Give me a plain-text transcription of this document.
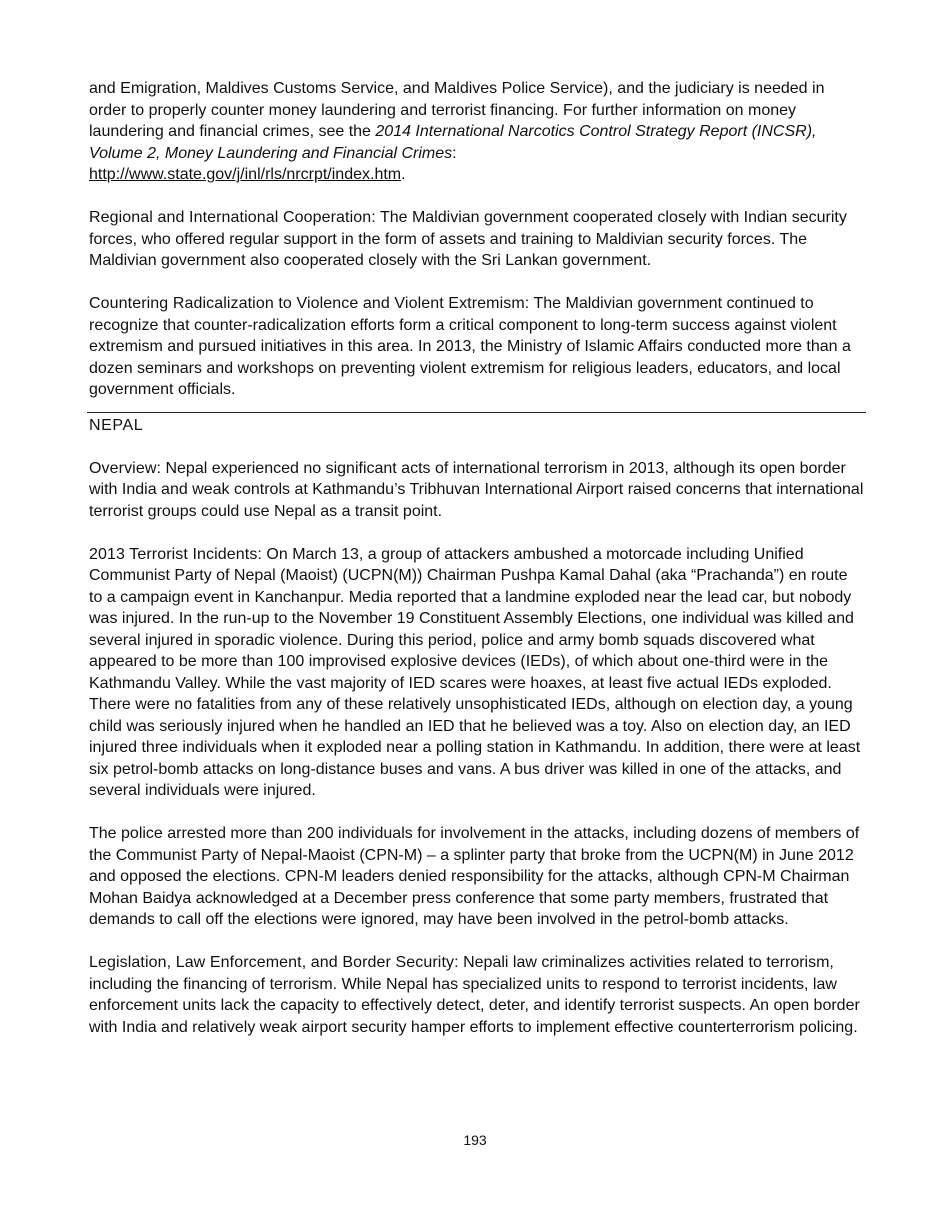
and Emigration, Maldives Customs Service, and Maldives Police Service), and the judiciary is needed in order to properly counter money laundering and terrorist financing. For further information on money laundering and financial crimes, see the 2014 International Narcotics Control Strategy Report (INCSR), Volume 2, Money Laundering and Financial Crimes:
http://www.state.gov/j/inl/rls/nrcrpt/index.htm.

Regional and International Cooperation: The Maldivian government cooperated closely with Indian security forces, who offered regular support in the form of assets and training to Maldivian security forces. The Maldivian government also cooperated closely with the Sri Lankan government.

Countering Radicalization to Violence and Violent Extremism: The Maldivian government continued to recognize that counter-radicalization efforts form a critical component to long-term success against violent extremism and pursued initiatives in this area. In 2013, the Ministry of Islamic Affairs conducted more than a dozen seminars and workshops on preventing violent extremism for religious leaders, educators, and local government officials.

NEPAL

Overview: Nepal experienced no significant acts of international terrorism in 2013, although its open border with India and weak controls at Kathmandu’s Tribhuvan International Airport raised concerns that international terrorist groups could use Nepal as a transit point.

2013 Terrorist Incidents: On March 13, a group of attackers ambushed a motorcade including Unified Communist Party of Nepal (Maoist) (UCPN(M)) Chairman Pushpa Kamal Dahal (aka “Prachanda”) en route to a campaign event in Kanchanpur. Media reported that a landmine exploded near the lead car, but nobody was injured. In the run-up to the November 19 Constituent Assembly Elections, one individual was killed and several injured in sporadic violence. During this period, police and army bomb squads discovered what appeared to be more than 100 improvised explosive devices (IEDs), of which about one-third were in the Kathmandu Valley. While the vast majority of IED scares were hoaxes, at least five actual IEDs exploded. There were no fatalities from any of these relatively unsophisticated IEDs, although on election day, a young child was seriously injured when he handled an IED that he believed was a toy. Also on election day, an IED injured three individuals when it exploded near a polling station in Kathmandu. In addition, there were at least six petrol-bomb attacks on long-distance buses and vans. A bus driver was killed in one of the attacks, and several individuals were injured.

The police arrested more than 200 individuals for involvement in the attacks, including dozens of members of the Communist Party of Nepal-Maoist (CPN-M) – a splinter party that broke from the UCPN(M) in June 2012 and opposed the elections. CPN-M leaders denied responsibility for the attacks, although CPN-M Chairman Mohan Baidya acknowledged at a December press conference that some party members, frustrated that demands to call off the elections were ignored, may have been involved in the petrol-bomb attacks.

Legislation, Law Enforcement, and Border Security: Nepali law criminalizes activities related to terrorism, including the financing of terrorism. While Nepal has specialized units to respond to terrorist incidents, law enforcement units lack the capacity to effectively detect, deter, and identify terrorist suspects. An open border with India and relatively weak airport security hamper efforts to implement effective counterterrorism policing.

193
